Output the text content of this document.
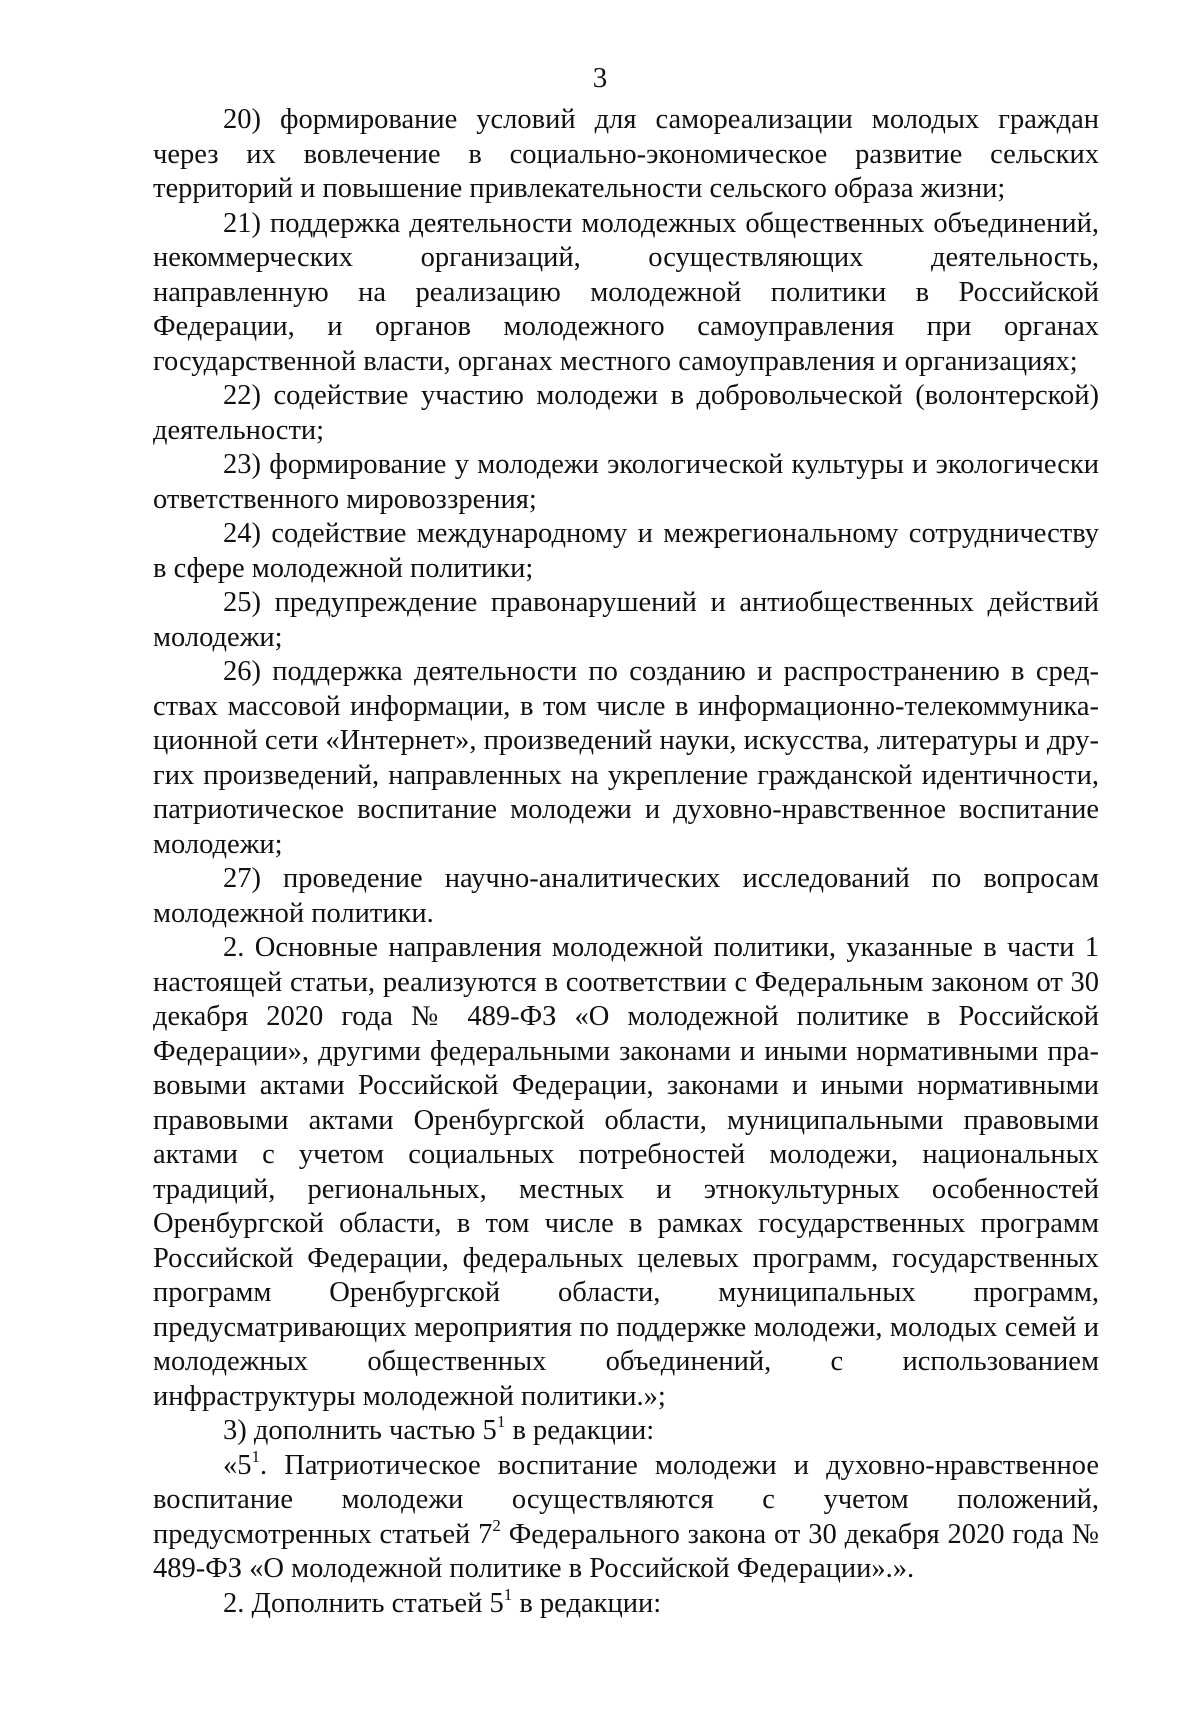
3

20) формирование условий для самореализации молодых граждан через их вовлечение в социально-экономическое развитие сельских территорий и повышение привлекательности сельского образа жизни;

21) поддержка деятельности молодежных общественных объединений, некоммерческих организаций, осуществляющих деятельность, направленную на реализацию молодежной политики в Российской Федерации, и органов молодежного самоуправления при органах государственной власти, органах местного самоуправления и организациях;

22) содействие участию молодежи в добровольческой (волонтерской) деятельности;

23) формирование у молодежи экологической культуры и экологически ответственного мировоззрения;

24) содействие международному и межрегиональному сотрудничеству в сфере молодежной политики;

25) предупреждение правонарушений и антиобщественных действий молодежи;

26) поддержка деятельности по созданию и распространению в средствах массовой информации, в том числе в информационно-телекоммуникационной сети «Интернет», произведений науки, искусства, литературы и других произведений, направленных на укрепление гражданской идентичности, патриотическое воспитание молодежи и духовно-нравственное воспитание молодежи;

27) проведение научно-аналитических исследований по вопросам молодежной политики.

2. Основные направления молодежной политики, указанные в части 1 настоящей статьи, реализуются в соответствии с Федеральным законом от 30 декабря 2020 года № 489-ФЗ «О молодежной политике в Российской Федерации», другими федеральными законами и иными нормативными правовыми актами Российской Федерации, законами и иными нормативными правовыми актами Оренбургской области, муниципальными правовыми актами с учетом социальных потребностей молодежи, национальных традиций, региональных, местных и этнокультурных особенностей Оренбургской области, в том числе в рамках государственных программ Российской Федерации, федеральных целевых программ, государственных программ Оренбургской области, муниципальных программ, предусматривающих мероприятия по поддержке молодежи, молодых семей и молодежных общественных объединений, с использованием инфраструктуры молодежной политики.»;

3) дополнить частью $5^1$ в редакции:

«$5^1$. Патриотическое воспитание молодежи и духовно-нравственное воспитание молодежи осуществляются с учетом положений, предусмотренных статьей $7^2$ Федерального закона от 30 декабря 2020 года № 489-ФЗ «О молодежной политике в Российской Федерации».».

2. Дополнить статьей $5^1$ в редакции:
